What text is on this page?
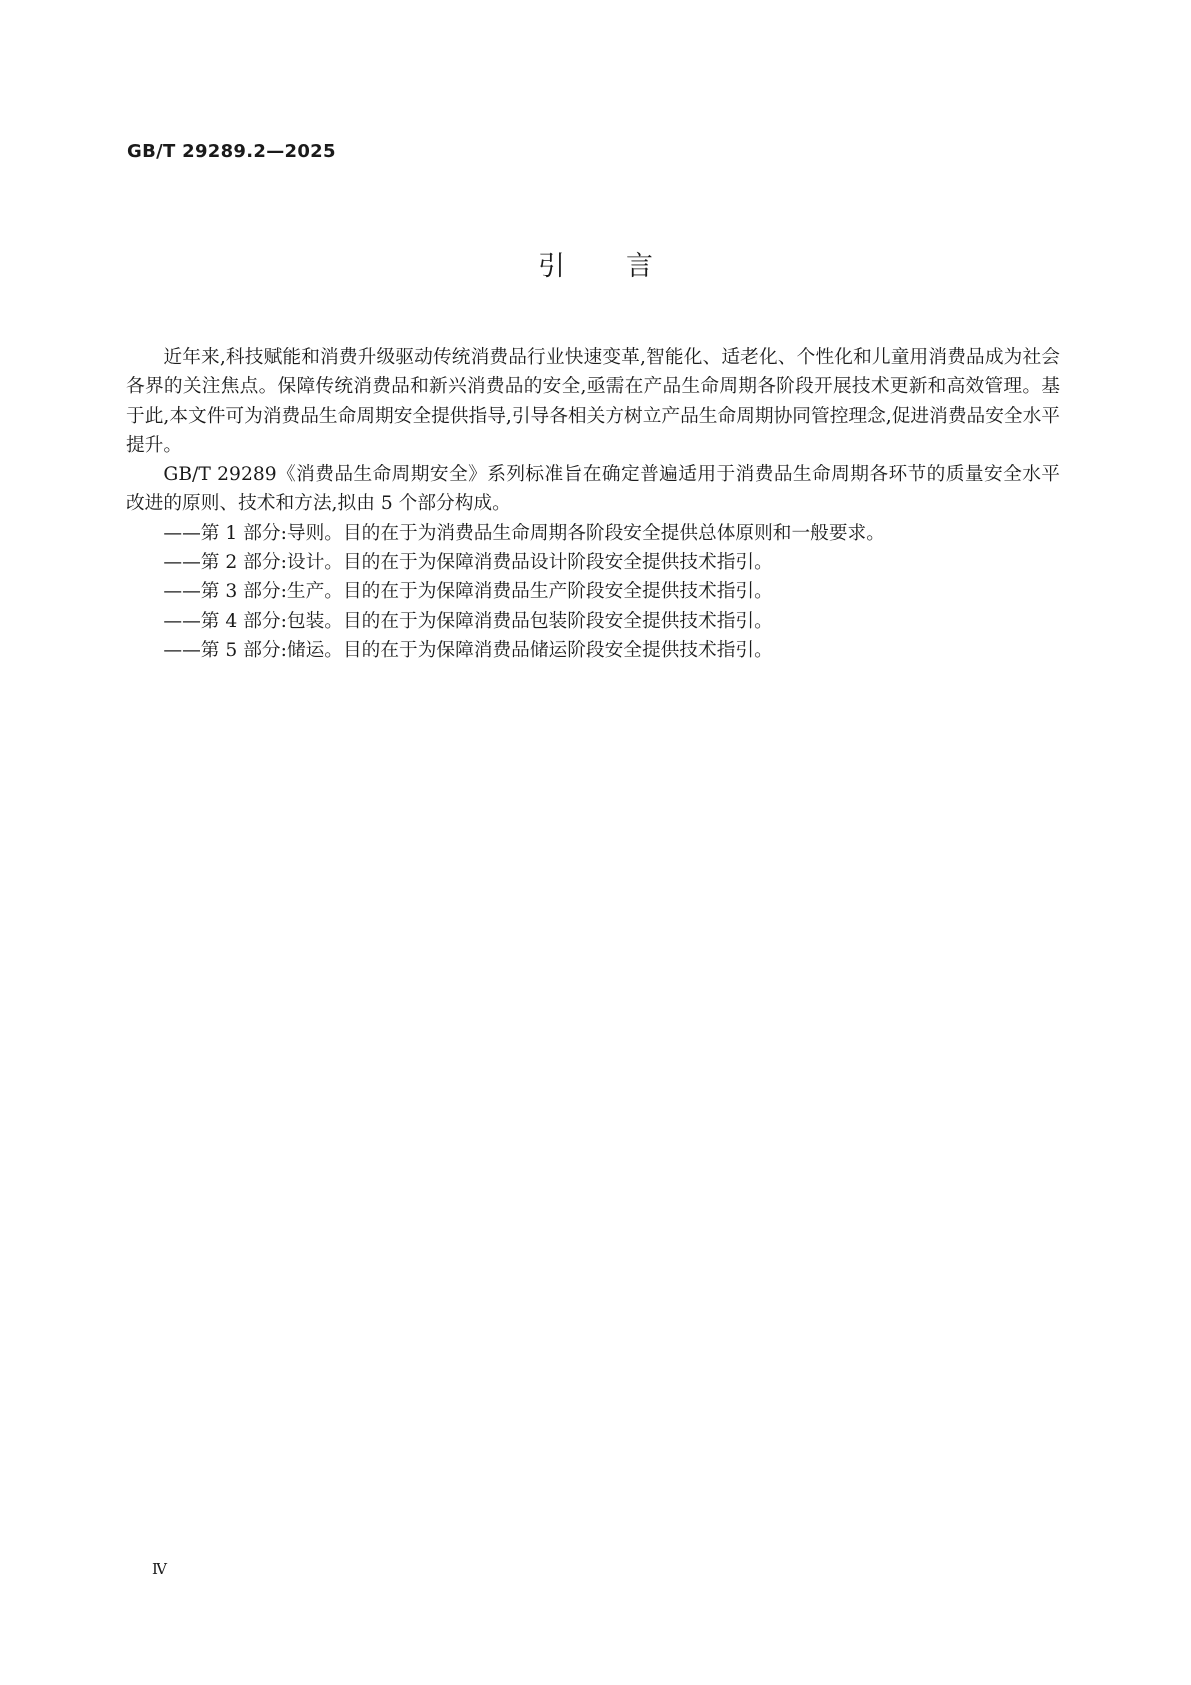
GB/T 29289.2—2025
引言

近年来,科技赋能和消费升级驱动传统消费品行业快速变革,智能化、适老化、个性化和儿童用消费品成为社会各界的关注焦点。保障传统消费品和新兴消费品的安全,亟需在产品生命周期各阶段开展技术更新和高效管理。基于此,本文件可为消费品生命周期安全提供指导,引导各相关方树立产品生命周期协同管控理念,促进消费品安全水平提升。

GB/T 29289《消费品生命周期安全》系列标准旨在确定普遍适用于消费品生命周期各环节的质量安全水平改进的原则、技术和方法,拟由 5 个部分构成。

——第 1 部分:导则。目的在于为消费品生命周期各阶段安全提供总体原则和一般要求。
——第 2 部分:设计。目的在于为保障消费品设计阶段安全提供技术指引。
——第 3 部分:生产。目的在于为保障消费品生产阶段安全提供技术指引。
——第 4 部分:包装。目的在于为保障消费品包装阶段安全提供技术指引。
——第 5 部分:储运。目的在于为保障消费品储运阶段安全提供技术指引。
Ⅳ
